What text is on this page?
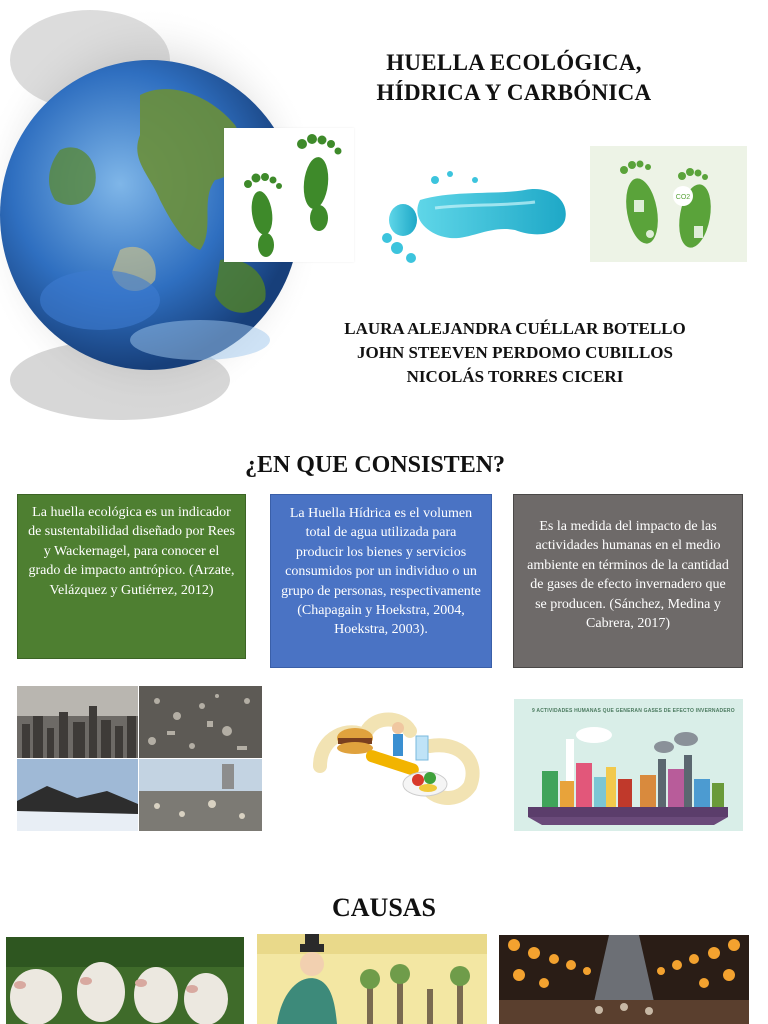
HUELLA ECOLÓGICA,
HÍDRICA Y CARBÓNICA
CO2
LAURA ALEJANDRA CUÉLLAR BOTELLO
JOHN STEEVEN PERDOMO CUBILLOS
NICOLÁS TORRES CICERI
¿EN QUE CONSISTEN?

La huella ecológica es un indicador de sustentabilidad diseñado por Rees y Wackernagel, para conocer el grado de impacto antrópico. (Arzate, Velázquez y Gutiérrez, 2012)

La Huella Hídrica es el volumen total de agua utilizada para producir los bienes y servicios consumidos por un individuo o un grupo de personas, respectivamente (Chapagain y Hoekstra, 2004, Hoekstra, 2003).

Es la medida del impacto de las actividades humanas en el medio ambiente en términos de la cantidad de gases de efecto invernadero que se producen. (Sánchez, Medina y Cabrera, 2017)

9 ACTIVIDADES HUMANAS QUE GENERAN GASES DE EFECTO INVERNADERO
CAUSAS
